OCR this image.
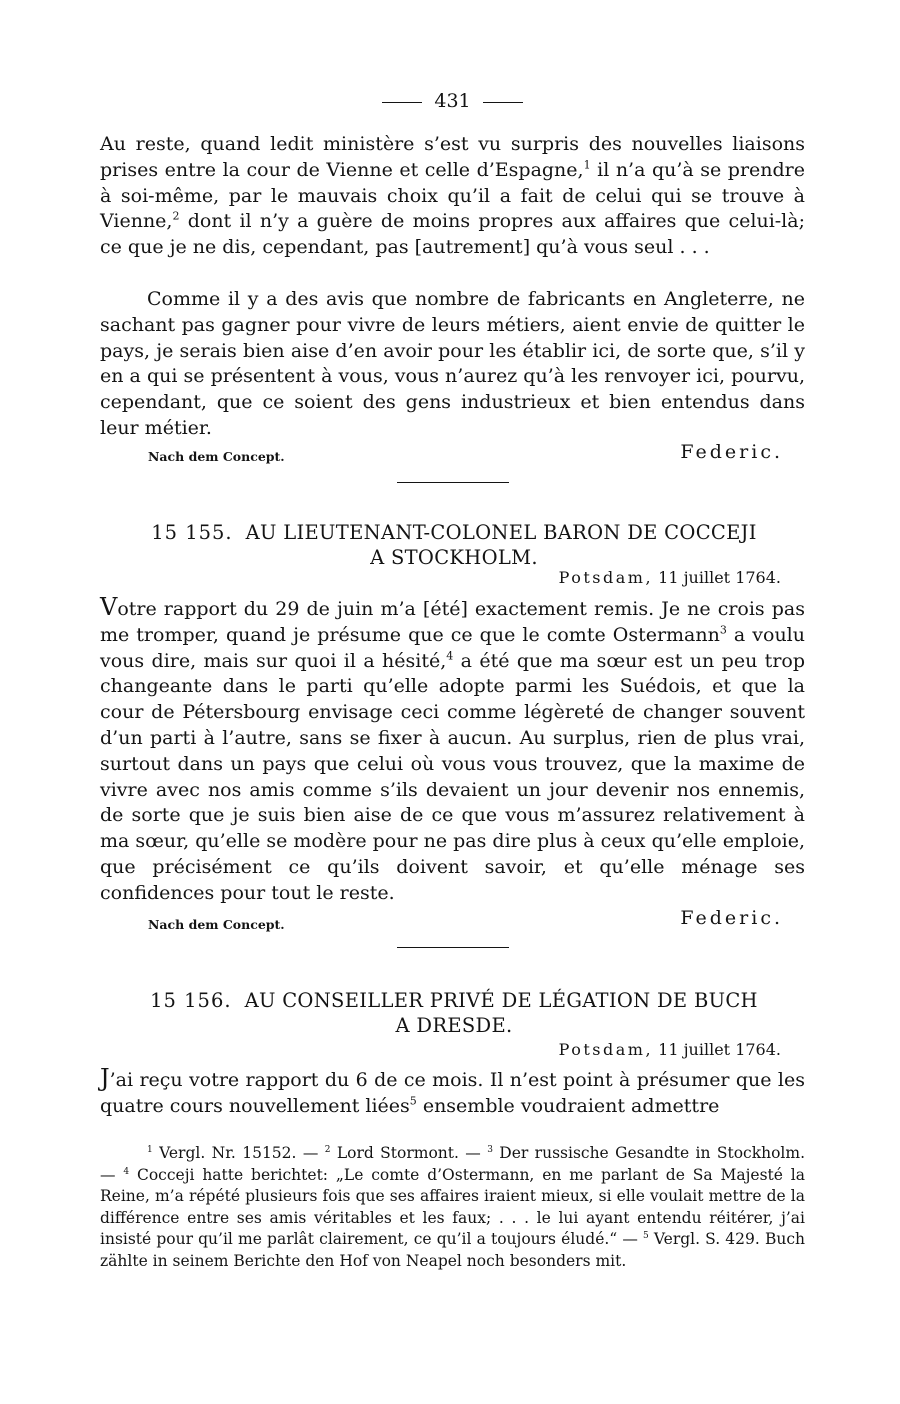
431

Au reste, quand ledit ministère s’est vu surpris des nouvelles liaisons prises entre la cour de Vienne et celle d’Espagne,$^1$ il n’a qu’à se prendre à soi-même, par le mauvais choix qu’il a fait de celui qui se trouve à Vienne,$^2$ dont il n’y a guère de moins propres aux affaires que celui-là; ce que je ne dis, cependant, pas [autrement] qu’à vous seul . . .

Comme il y a des avis que nombre de fabricants en Angleterre, ne sachant pas gagner pour vivre de leurs métiers, aient envie de quitter le pays, je serais bien aise d’en avoir pour les établir ici, de sorte que, s’il y en a qui se présentent à vous, vous n’aurez qu’à les renvoyer ici, pourvu, cependant, que ce soient des gens industrieux et bien entendus dans leur métier.

Nach dem Concept.	Federic.
15 155. AU LIEUTENANT-COLONEL BARON DE COCCEJI
A STOCKHOLM.
Potsdam, 11 juillet 1764.

Votre rapport du 29 de juin m’a [été] exactement remis. Je ne crois pas me tromper, quand je présume que ce que le comte Ostermann$^3$ a voulu vous dire, mais sur quoi il a hésité,$^4$ a été que ma sœur est un peu trop changeante dans le parti qu’elle adopte parmi les Suédois, et que la cour de Pétersbourg envisage ceci comme légèreté de changer souvent d’un parti à l’autre, sans se fixer à aucun. Au surplus, rien de plus vrai, surtout dans un pays que celui où vous vous trouvez, que la maxime de vivre avec nos amis comme s’ils devaient un jour devenir nos ennemis, de sorte que je suis bien aise de ce que vous m’assurez relativement à ma sœur, qu’elle se modère pour ne pas dire plus à ceux qu’elle emploie, que précisément ce qu’ils doivent savoir, et qu’elle ménage ses confidences pour tout le reste.

Nach dem Concept.	Federic.
15 156. AU CONSEILLER PRIVÉ DE LÉGATION DE BUCH
A DRESDE.
Potsdam, 11 juillet 1764.

J’ai reçu votre rapport du 6 de ce mois. Il n’est point à présumer que les quatre cours nouvellement liées$^5$ ensemble voudraient admettre

$^1$ Vergl. Nr. 15152. — $^2$ Lord Stormont. — $^3$ Der russische Gesandte in Stockholm. — $^4$ Cocceji hatte berichtet: „Le comte d’Ostermann, en me parlant de Sa Majesté la Reine, m’a répété plusieurs fois que ses affaires iraient mieux, si elle voulait mettre de la différence entre ses amis véritables et les faux; . . . le lui ayant entendu réitérer, j’ai insisté pour qu’il me parlât clairement, ce qu’il a toujours éludé.“ — $^5$ Vergl. S. 429. Buch zählte in seinem Berichte den Hof von Neapel noch besonders mit.
